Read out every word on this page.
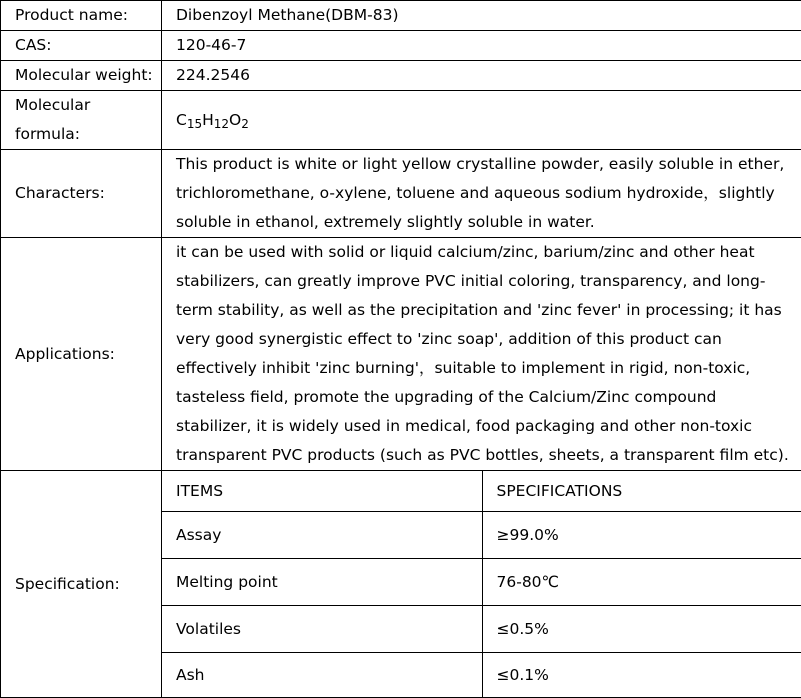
Product name:	Dibenzoyl Methane(DBM-83)
CAS:	120-46-7
Molecular weight:	224.2546
Molecular formula:	$C_{15}H_{12}O_2$
Characters:	This product is white or light yellow crystalline powder, easily soluble in ether, trichloromethane, o-xylene, toluene and aqueous sodium hydroxide，slightly soluble in ethanol, extremely slightly soluble in water.
Applications:	it can be used with solid or liquid calcium/zinc, barium/zinc and other heat stabilizers, can greatly improve PVC initial coloring, transparency, and long-term stability, as well as the precipitation and 'zinc fever' in processing; it has very good synergistic effect to 'zinc soap', addition of this product can effectively inhibit 'zinc burning'，suitable to implement in rigid, non-toxic, tasteless field, promote the upgrading of the Calcium/Zinc compound stabilizer, it is widely used in medical, food packaging and other non-toxic transparent PVC products (such as PVC bottles, sheets, a transparent film etc).
Specification:	
ITEMS	SPECIFICATIONS
Assay	≥99.0%
Melting point	76-80℃
Volatiles	≤0.5%
Ash	≤0.1%
